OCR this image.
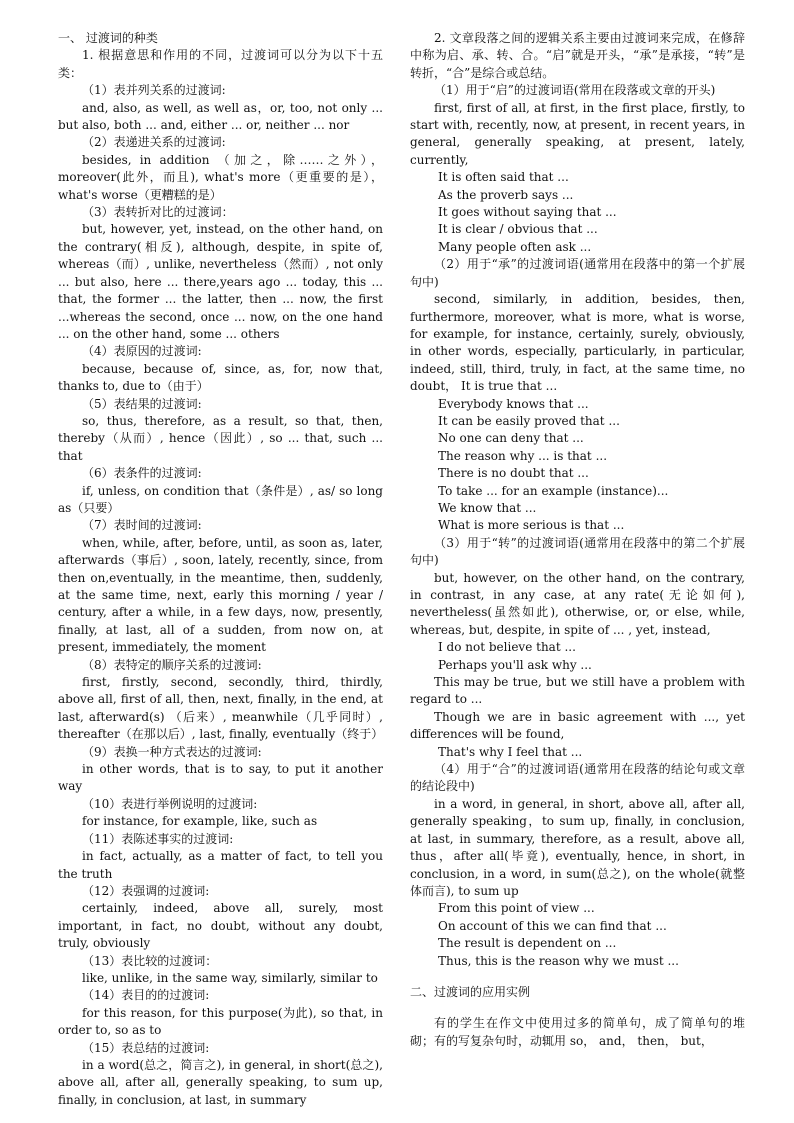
一、 过渡词的种类

1. 根据意思和作用的不同，过渡词可以分为以下十五类：

（1）表并列关系的过渡词:

and, also, as well, as well as，or, too, not only ... but also, both ... and, either ... or, neither ... nor

（2）表递进关系的过渡词:

besides, in addition （加之，除……之外），moreover(此外，而且), what's more（更重要的是），what's worse（更糟糕的是）

（3）表转折对比的过渡词：

but, however, yet, instead, on the other hand, on the contrary(相反), although, despite, in spite of, whereas（而）, unlike, nevertheless（然而）, not only ... but also, here ... there,years ago ... today, this ... that, the former ... the latter, then ... now, the first ...whereas the second, once ... now, on the one hand ... on the other hand, some ... others

（4）表原因的过渡词:

because, because of, since, as, for, now that, thanks to, due to（由于）

（5）表结果的过渡词:

so, thus, therefore, as a result, so that, then, thereby（从而）, hence（因此）, so ... that, such ... that

（6）表条件的过渡词:

if, unless, on condition that（条件是）, as/ so long as（只要）

（7）表时间的过渡词:

when, while, after, before, until, as soon as, later, afterwards（事后）, soon, lately, recently, since, from then on,eventually, in the meantime, then, suddenly, at the same time, next, early this morning / year / century, after a while, in a few days, now, presently, finally, at last, all of a sudden, from now on, at present, immediately, the moment

（8）表特定的顺序关系的过渡词:

first, firstly, second, secondly, third, thirdly, above all, first of all, then, next, finally, in the end, at last, afterward(s) （后来）, meanwhile（几乎同时）, thereafter（在那以后）, last, finally, eventually（终于）

（9）表换一种方式表达的过渡词:

in other words, that is to say, to put it another way

（10）表进行举例说明的过渡词:

for instance, for example, like, such as

（11）表陈述事实的过渡词:

in fact, actually, as a matter of fact, to tell you the truth

（12）表强调的过渡词:

certainly, indeed, above all, surely, most important, in fact, no doubt, without any doubt, truly, obviously

（13）表比较的过渡词：

like, unlike, in the same way, similarly, similar to

（14）表目的的过渡词:

for this reason, for this purpose(为此), so that, in order to, so as to

（15）表总结的过渡词:

in a word(总之，简言之), in general, in short(总之), above all, after all, generally speaking, to sum up, finally, in conclusion, at last, in summary

2. 文章段落之间的逻辑关系主要由过渡词来完成，在修辞中称为启、承、转、合。“启”就是开头，“承”是承接，“转”是转折，“合”是综合或总结。

（1）用于“启”的过渡词语(常用在段落或文章的开头)

first, first of all, at first, in the first place, firstly, to start with, recently, now, at present, in recent years, in general, generally speaking, at present, lately, currently,

It is often said that ...

As the proverb says ...

It goes without saying that ...

It is clear / obvious that ...

Many people often ask ...

（2）用于“承”的过渡词语(通常用在段落中的第一个扩展句中)

second, similarly, in addition, besides, then, furthermore, moreover, what is more, what is worse, for example, for instance, certainly, surely, obviously, in other words, especially, particularly, in particular, indeed, still, third, truly, in fact, at the same time, no doubt， It is true that ...

Everybody knows that ...

It can be easily proved that ...

No one can deny that ...

The reason why ... is that ...

There is no doubt that ...

To take ... for an example (instance)...

We know that ...

What is more serious is that ...

（3）用于“转”的过渡词语(通常用在段落中的第二个扩展句中)

but, however, on the other hand, on the contrary, in contrast, in any case, at any rate(无论如何), nevertheless(虽然如此), otherwise, or, or else, while, whereas, but, despite, in spite of ... , yet, instead,

I do not believe that ...

Perhaps you'll ask why ...

This may be true, but we still have a problem with regard to ...

Though we are in basic agreement with ..., yet differences will be found,

That's why I feel that ...

（4）用于“合”的过渡词语(通常用在段落的结论句或文章的结论段中)

in a word, in general, in short, above all, after all, generally speaking，to sum up, finally, in conclusion, at last, in summary, therefore, as a result, above all, thus，after all(毕竟), eventually, hence, in short, in conclusion, in a word, in sum(总之), on the whole(就整体而言), to sum up

From this point of view ...

On account of this we can find that ...

The result is dependent on ...

Thus, this is the reason why we must ...

二、过渡词的应用实例

有的学生在作文中使用过多的简单句，成了简单句的堆砌；有的写复杂句时，动辄用 so， and， then， but，
